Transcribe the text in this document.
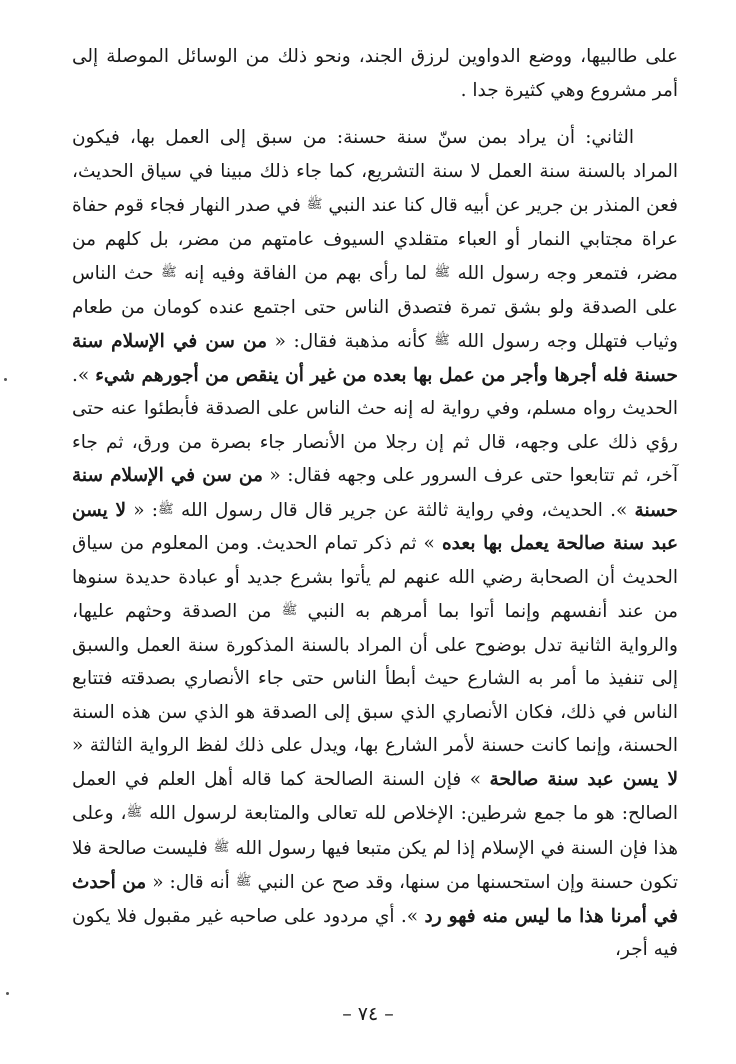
على طالبيها، ووضع الدواوين لرزق الجند، ونحو ذلك من الوسائل الموصلة إلى أمر مشروع وهي كثيرة جدا .

الثاني: أن يراد بمن سنّ سنة حسنة: من سبق إلى العمل بها، فيكون المراد بالسنة سنة العمل لا سنة التشريع، كما جاء ذلك مبينا في سياق الحديث، فعن المنذر بن جرير عن أبيه قال كنا عند النبي ﷺ في صدر النهار فجاء قوم حفاة عراة مجتابي النمار أو العباء متقلدي السيوف عامتهم من مضر، بل كلهم من مضر، فتمعر وجه رسول الله ﷺ لما رأى بهم من الفاقة وفيه إنه ﷺ حث الناس على الصدقة ولو بشق تمرة فتصدق الناس حتى اجتمع عنده كومان من طعام وثياب فتهلل وجه رسول الله ﷺ كأنه مذهبة فقال: « من سن في الإسلام سنة حسنة فله أجرها وأجر من عمل بها بعده من غير أن ينقص من أجورهم شيء ». الحديث رواه مسلم، وفي رواية له إنه حث الناس على الصدقة فأبطئوا عنه حتى رؤي ذلك على وجهه، قال ثم إن رجلا من الأنصار جاء بصرة من ورق، ثم جاء آخر، ثم تتابعوا حتى عرف السرور على وجهه فقال: « من سن في الإسلام سنة حسنة ». الحديث، وفي رواية ثالثة عن جرير قال قال رسول الله ﷺ: « لا يسن عبد سنة صالحة يعمل بها بعده » ثم ذكر تمام الحديث. ومن المعلوم من سياق الحديث أن الصحابة رضي الله عنهم لم يأتوا بشرع جديد أو عبادة حديدة سنوها من عند أنفسهم وإنما أتوا بما أمرهم به النبي ﷺ من الصدقة وحثهم عليها، والرواية الثانية تدل بوضوح على أن المراد بالسنة المذكورة سنة العمل والسبق إلى تنفيذ ما أمر به الشارع حيث أبطأ الناس حتى جاء الأنصاري بصدقته فتتابع الناس في ذلك، فكان الأنصاري الذي سبق إلى الصدقة هو الذي سن هذه السنة الحسنة، وإنما كانت حسنة لأمر الشارع بها، ويدل على ذلك لفظ الرواية الثالثة « لا يسن عبد سنة صالحة » فإن السنة الصالحة كما قاله أهل العلم في العمل الصالح: هو ما جمع شرطين: الإخلاص لله تعالى والمتابعة لرسول الله ﷺ، وعلى هذا فإن السنة في الإسلام إذا لم يكن متبعا فيها رسول الله ﷺ فليست صالحة فلا تكون حسنة وإن استحسنها من سنها، وقد صح عن النبي ﷺ أنه قال: « من أحدث في أمرنا هذا ما ليس منه فهو رد ». أي مردود على صاحبه غير مقبول فلا يكون فيه أجر،

– ٧٤ –
